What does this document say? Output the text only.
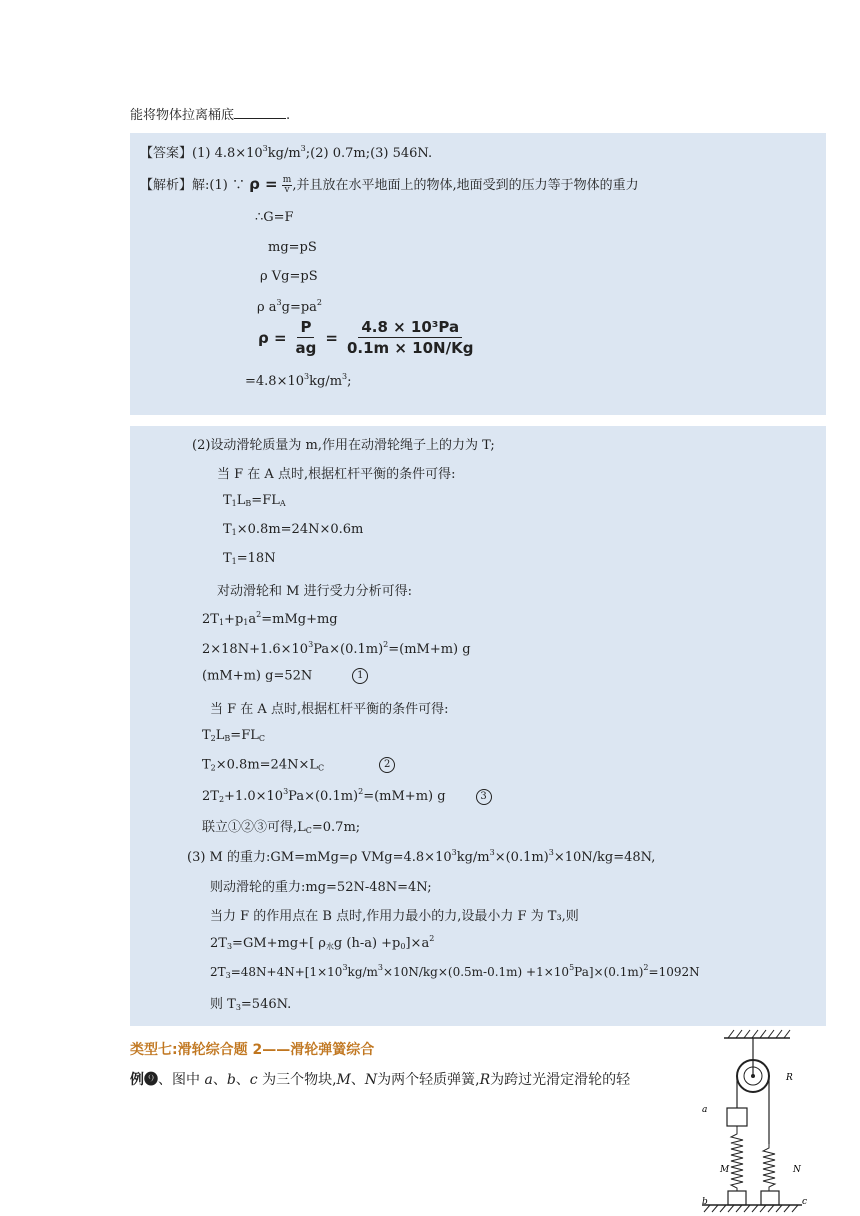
能将物体拉离桶底	.
【答案】(1) $4.8\times 10^3kg/m^3;(2)$ 0.7m;(3) 546N.
【解析】解:(1) ∵ $\rho = \frac{m}{v}$ ,并且放在水平地面上的物体,地面受到的压力等于物体的重力
∴G=F
mg=pS
ρ Vg=pS
ρ $a^3g=pa^2$
$\rho = \frac{P}{ag} = \frac{\text{4.8 × 10³Pa}}{0.1m \times 10N/Kg}$
$=4.8\times 10^3kg/m^3$;
(2)设动滑轮质量为 m,作用在动滑轮绳子上的力为 T;
当 F 在 A 点时,根据杠杆平衡的条件可得:
$T_1L_B=FL_A$
$T_1\times 0.8m=24N\times 0.6m$
$T_1=18N$
对动滑轮和 M 进行受力分析可得:
$2T_1+p_1a^2=mMg+mg$
$2\times 18N+1.6\times 10^3Pa\times(0.1m)^2=(mM+m)$ g
(mM+m) g=52N	1
当 F 在 A 点时,根据杠杆平衡的条件可得:
$T_2L_B=FL_C$
$T_2\times 0.8m=24N\times L_C$	2
$2T_2+1.0\times 10^3Pa\times(0.1m)^2=(mM+m)$ g	3
联立①②③可得$,L_C=0.7m$;
(3) M 的重力:GM=mMg=ρ $VMg=4.8\times 10^3kg/m^3\times(0.1m)^3\times 10N/kg=48N$,
则动滑轮的重力:mg=52N-48N=4N;
当力 F 的作用点在 B 点时,作用力最小的力,设最小力 F 为 T₃,则
$2T_3=GM+mg+$[ $\rho_水g$ $(h-a) +p_0]\times a^2$
$2T_3=48N+4N+[1\times 10^3kg/m^3\times 10N/kg\times(0.5m-0.1m) +1\times 10^5Pa]\times(0.1m)^2=1092N$
则 $T_3=546N$.
类型七:滑轮综合题 2——滑轮弹簧综合
例❾、图中 a、b、c 为三个物块,M、N为两个轻质弹簧,R为跨过光滑定滑轮的轻	R
a
M	N
b	c
